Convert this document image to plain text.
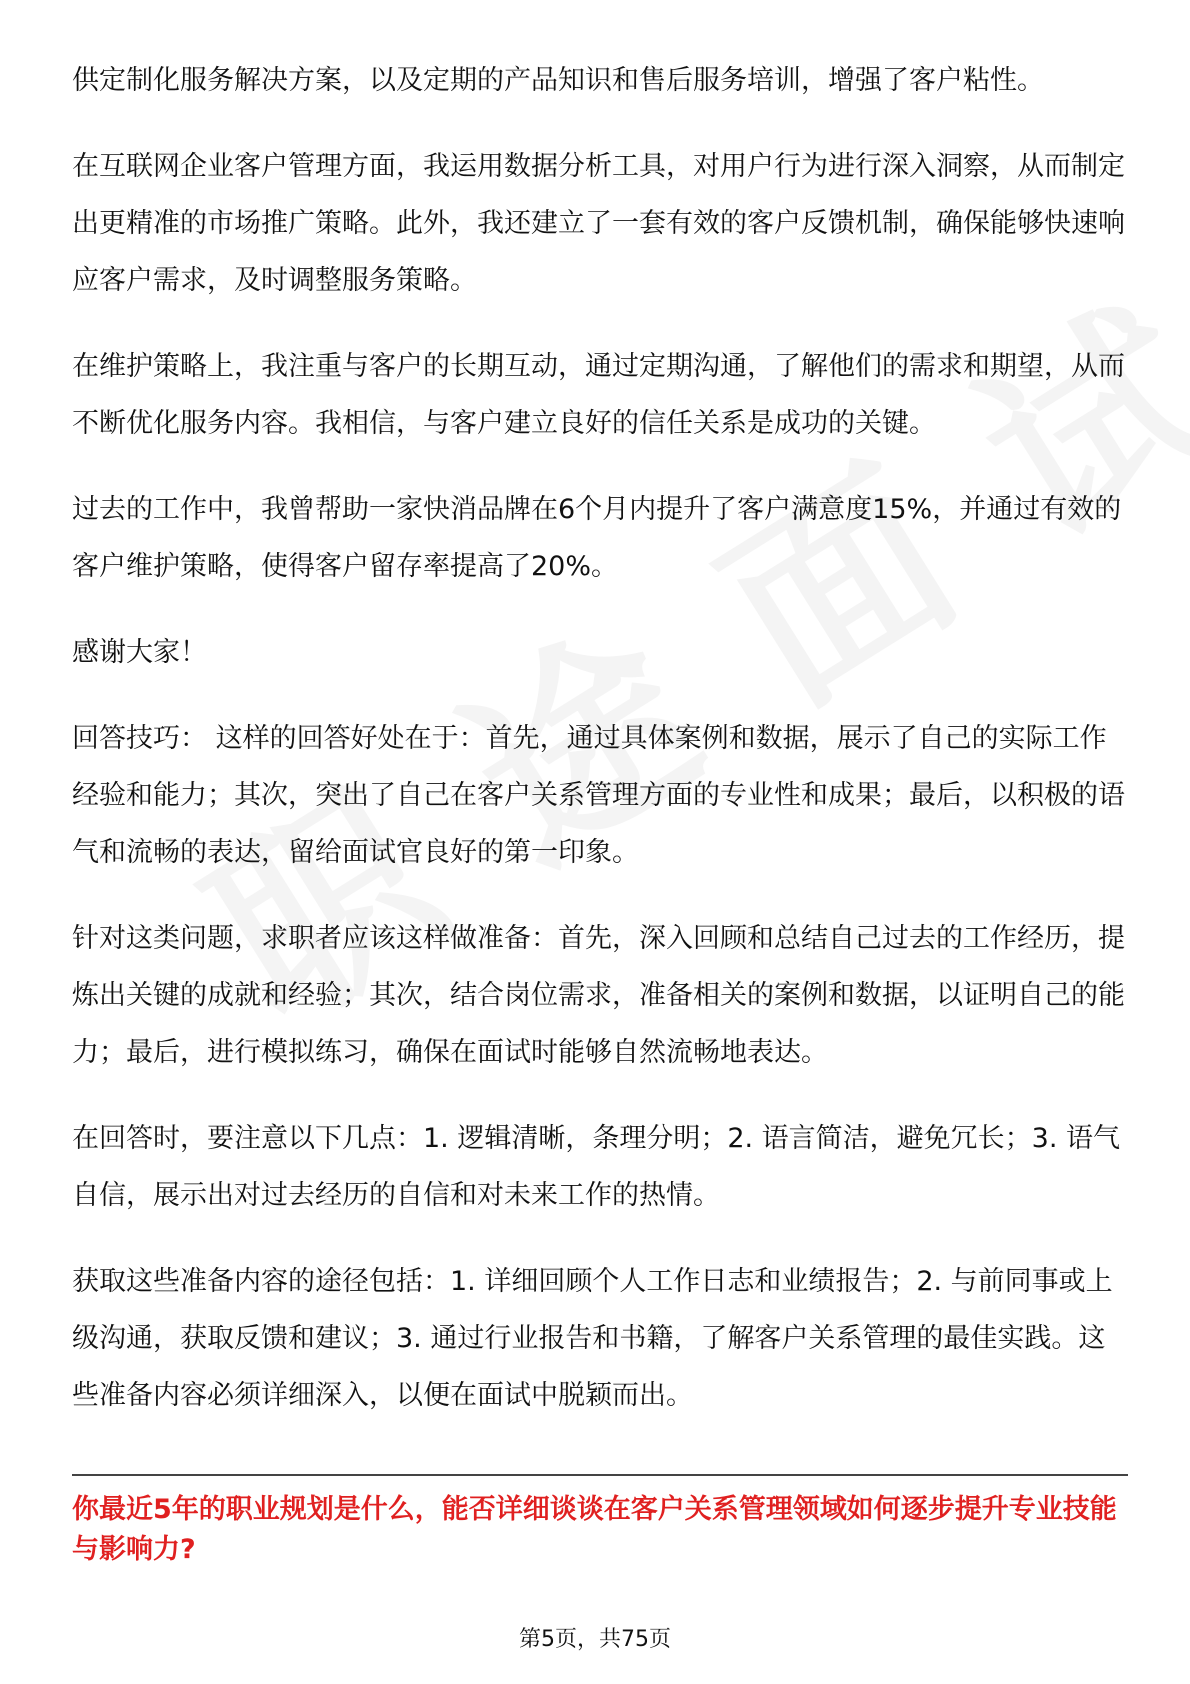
供定制化服务解决方案，以及定期的产品知识和售后服务培训，增强了客户粘性。

在互联网企业客户管理方面，我运用数据分析工具，对用户行为进行深入洞察，从而制定出更精准的市场推广策略。此外，我还建立了一套有效的客户反馈机制，确保能够快速响应客户需求，及时调整服务策略。

在维护策略上，我注重与客户的长期互动，通过定期沟通，了解他们的需求和期望，从而不断优化服务内容。我相信，与客户建立良好的信任关系是成功的关键。

过去的工作中，我曾帮助一家快消品牌在6个月内提升了客户满意度15%，并通过有效的客户维护策略，使得客户留存率提高了20%。

感谢大家！

回答技巧： 这样的回答好处在于：首先，通过具体案例和数据，展示了自己的实际工作经验和能力；其次，突出了自己在客户关系管理方面的专业性和成果；最后，以积极的语气和流畅的表达，留给面试官良好的第一印象。

针对这类问题，求职者应该这样做准备：首先，深入回顾和总结自己过去的工作经历，提炼出关键的成就和经验；其次，结合岗位需求，准备相关的案例和数据，以证明自己的能力；最后，进行模拟练习，确保在面试时能够自然流畅地表达。

在回答时，要注意以下几点：1. 逻辑清晰，条理分明；2. 语言简洁，避免冗长；3. 语气自信，展示出对过去经历的自信和对未来工作的热情。

获取这些准备内容的途径包括：1. 详细回顾个人工作日志和业绩报告；2. 与前同事或上级沟通，获取反馈和建议；3. 通过行业报告和书籍，了解客户关系管理的最佳实践。这些准备内容必须详细深入，以便在面试中脱颖而出。

你最近5年的职业规划是什么，能否详细谈谈在客户关系管理领域如何逐步提升专业技能与影响力?
第5页，共75页
